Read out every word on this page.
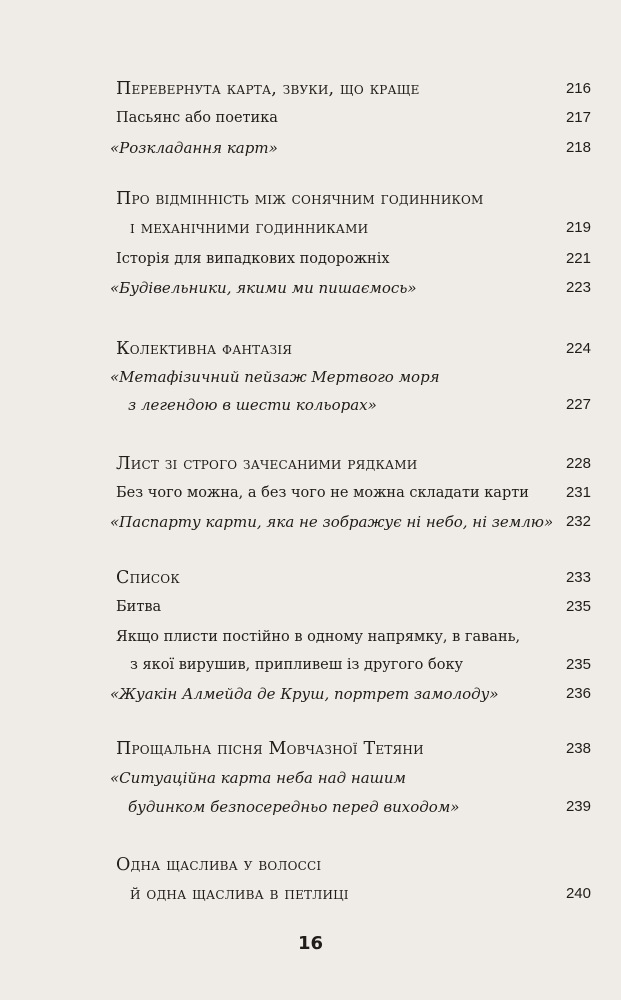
Перевернута карта, звуки, що краще	216
Пасьянс або поетика	217
«Розкладання карт»	218
Про відмінність між сонячним годинником
і механічними годинниками	219
Історія для випадкових подорожніх	221
«Будівельники, якими ми пишаємось»	223
Колективна фантазія	224
«Метафізичний пейзаж Мертвого моря
з легендою в шести кольорах»	227
Лист зі строго зачесаними рядками	228
Без чого можна, а без чого не можна складати карти 231
«Паспарту карти, яка не зображує ні небо, ні землю» 232
Список	233
Битва	235
Якщо плисти постійно в одному напрямку, в гавань,
з якої вирушив, припливеш із другого боку	235
«Жуакін Алмейда де Круш, портрет замолоду»	236
Прощальна пісня Мовчазної Тетяни	238
«Ситуаційна карта неба над нашим
будинком безпосередньо перед виходом»	239
Одна щаслива у волоссі
й одна щаслива в петлиці	240
16
